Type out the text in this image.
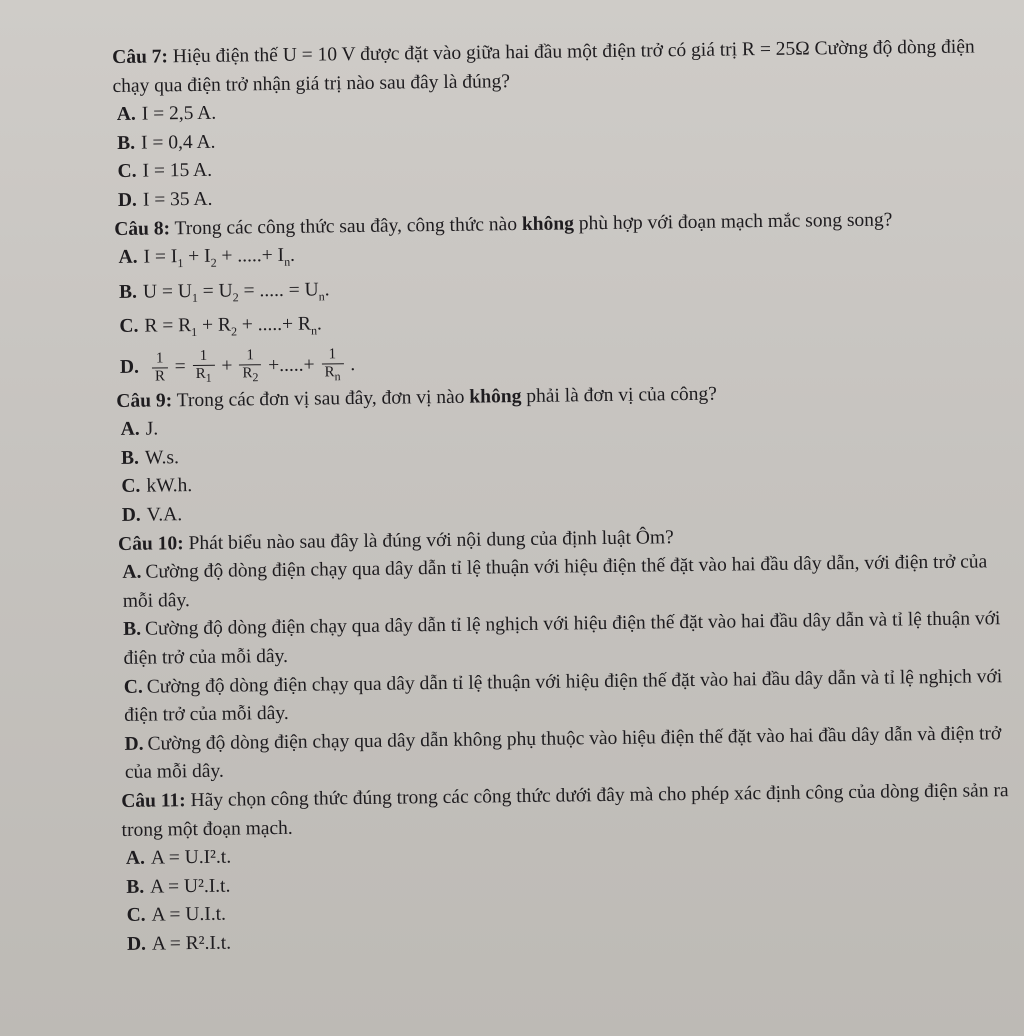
Câu 7: Hiệu điện thế U = 10 V được đặt vào giữa hai đầu một điện trở có giá trị R = 25Ω Cường độ dòng điện chạy qua điện trở nhận giá trị nào sau đây là đúng?

A. I = 2,5 A.

B. I = 0,4 A.

C. I = 15 A.

D. I = 35 A.

Câu 8: Trong các công thức sau đây, công thức nào không phù hợp với đoạn mạch mắc song song?

A. $I = I_1 + I_2$ + .....+ $I_n$.

B. $U = U_1 = U_2$ = ..... = $U_n$.

C. $R = R_1 + R_2$ + .....+ $R_n$.

D. $\frac{1}{R} = \frac{1}{R_1} + \frac{1}{R_2}$ +.....+ $\frac{1}{R_n}$ .

Câu 9: Trong các đơn vị sau đây, đơn vị nào không phải là đơn vị của công?

A. J.

B. W.s.

C. kW.h.

D. V.A.

Câu 10: Phát biểu nào sau đây là đúng với nội dung của định luật Ôm?

A. Cường độ dòng điện chạy qua dây dẫn tỉ lệ thuận với hiệu điện thế đặt vào hai đầu dây dẫn, với điện trở của mỗi dây.

B. Cường độ dòng điện chạy qua dây dẫn tỉ lệ nghịch với hiệu điện thế đặt vào hai đầu dây dẫn và tỉ lệ thuận với điện trở của mỗi dây.

C. Cường độ dòng điện chạy qua dây dẫn tỉ lệ thuận với hiệu điện thế đặt vào hai đầu dây dẫn và tỉ lệ nghịch với điện trở của mỗi dây.

D. Cường độ dòng điện chạy qua dây dẫn không phụ thuộc vào hiệu điện thế đặt vào hai đầu dây dẫn và điện trở của mỗi dây.

Câu 11: Hãy chọn công thức đúng trong các công thức dưới đây mà cho phép xác định công của dòng điện sản ra trong một đoạn mạch.

A. A = U.I².t.

B. A = U².I.t.

C. A = U.I.t.

D. A = R².I.t.
